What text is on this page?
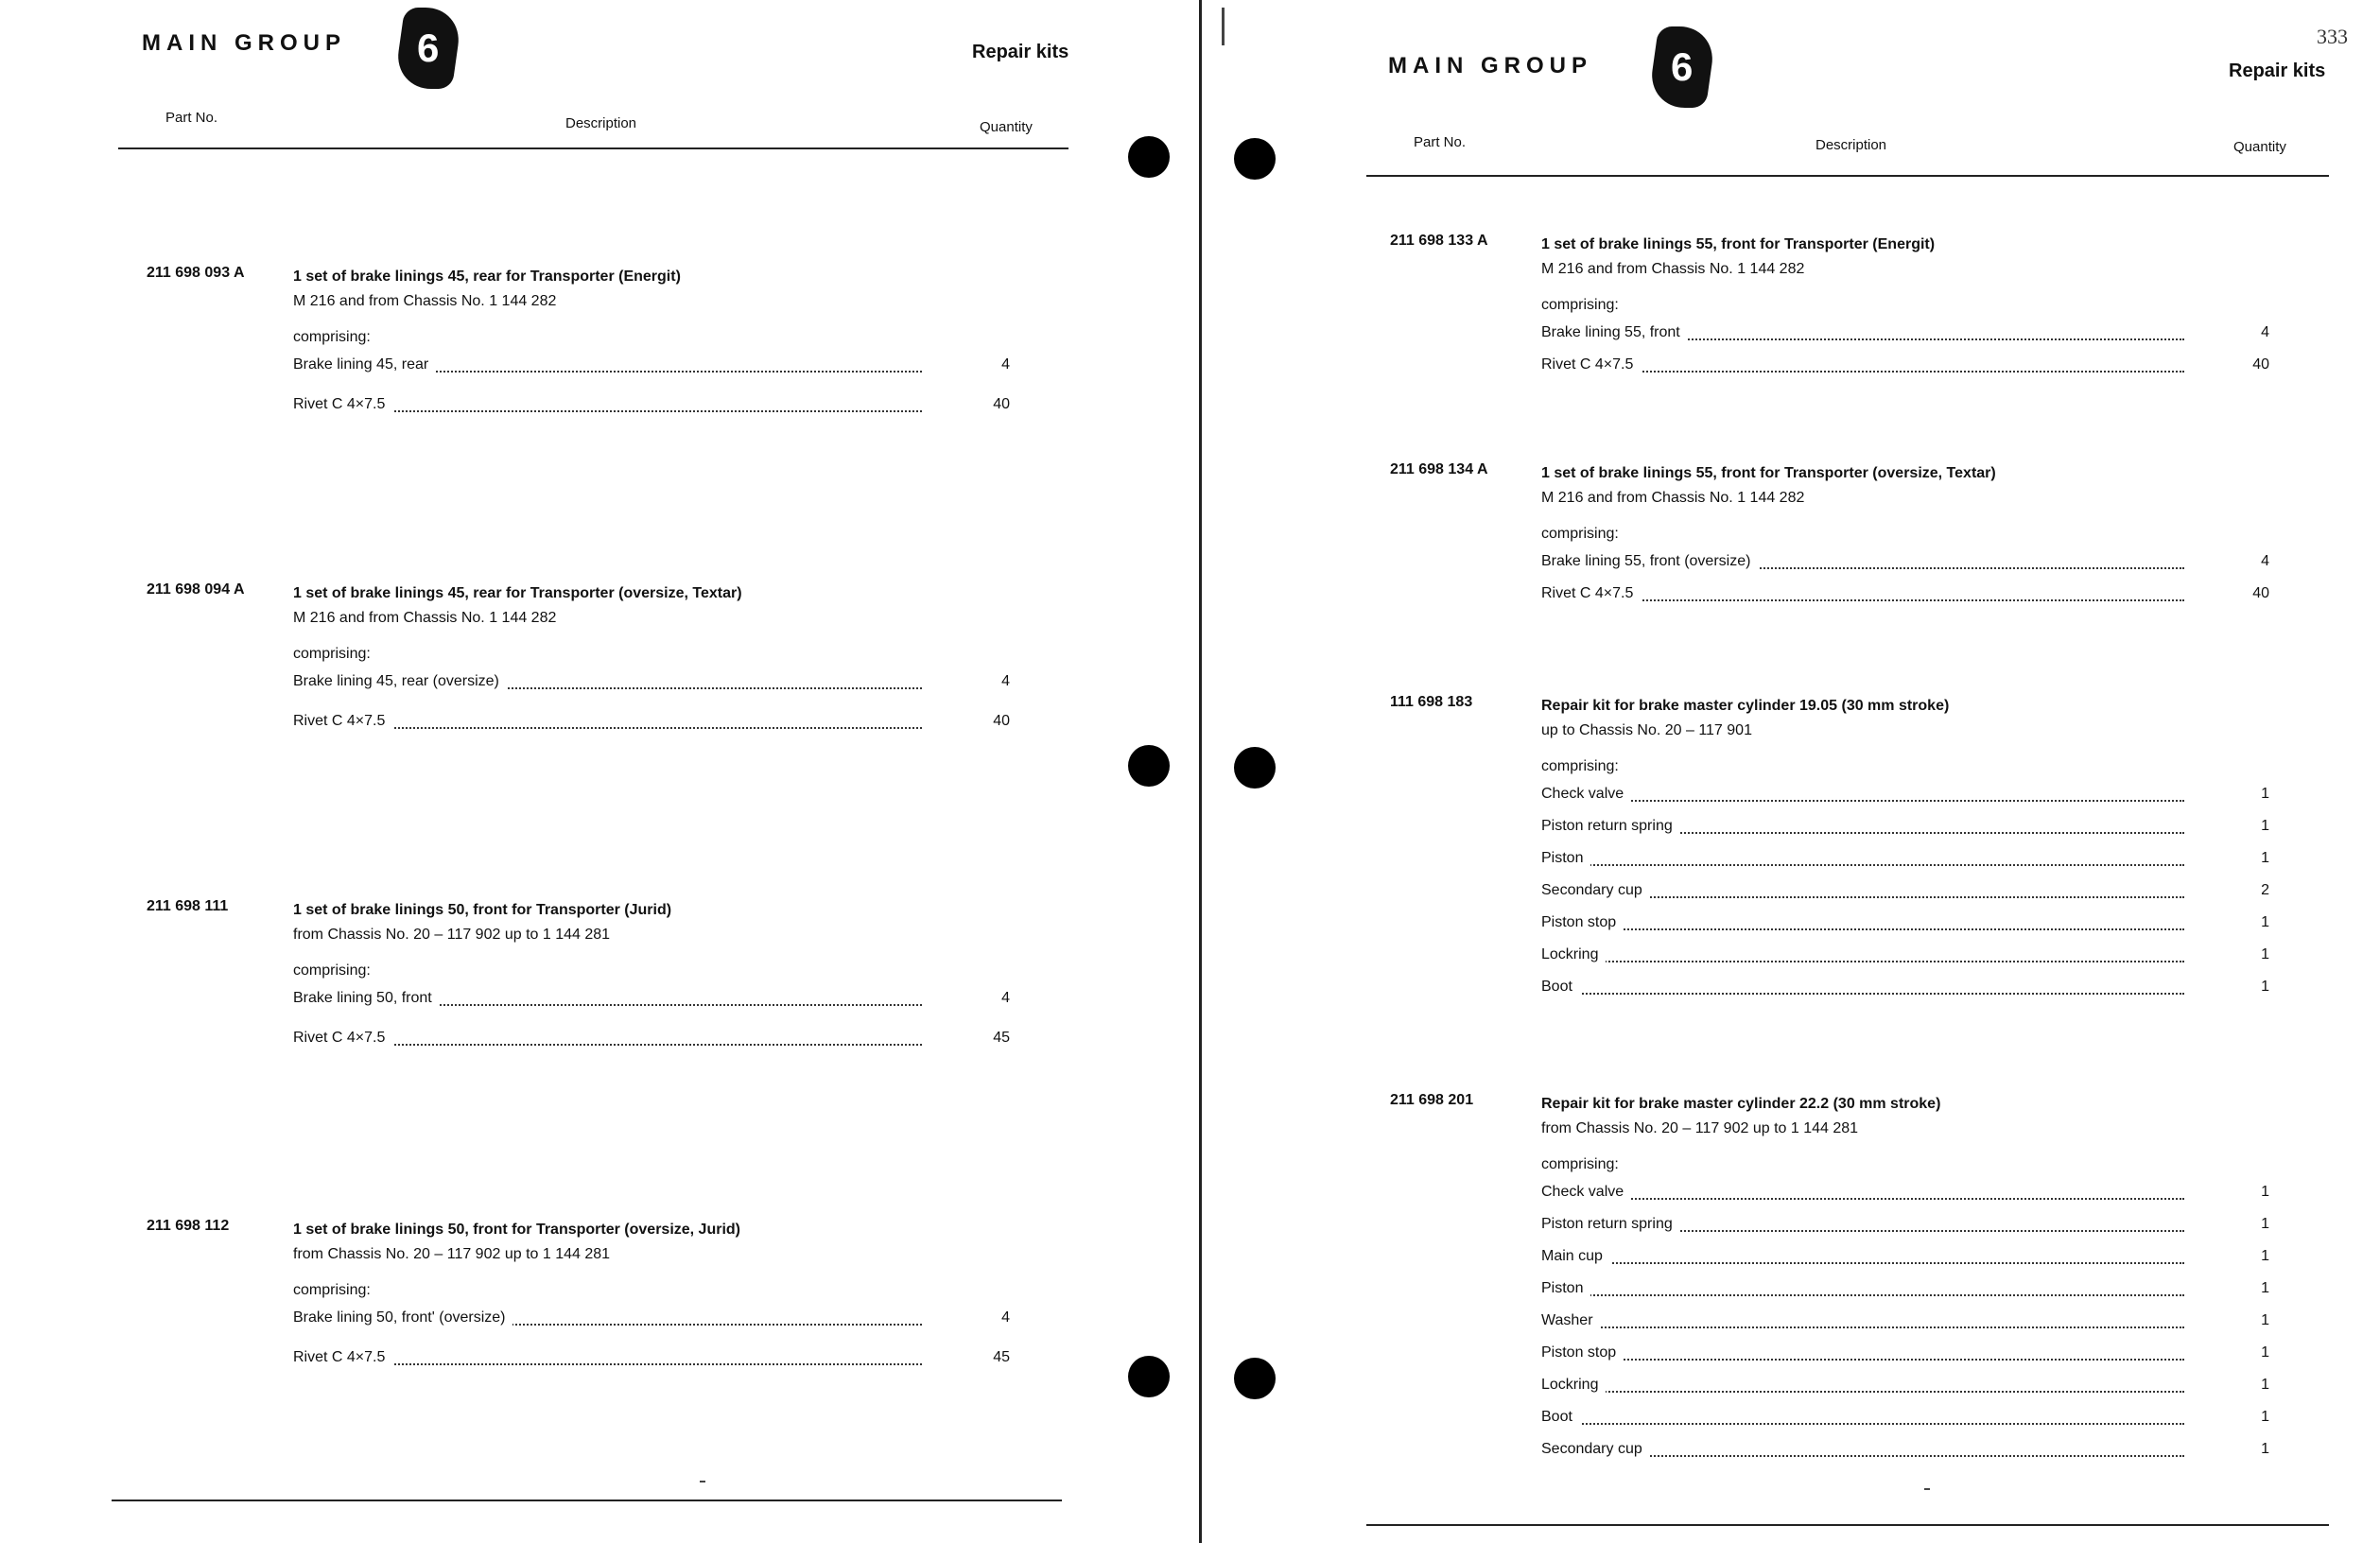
MAIN GROUP 6	Repair kits
Part No.	Description	Quantity
211 698 093 A	1 set of brake linings 45, rear for Transporter (Energit)
M 216 and from Chassis No. 1 144 282
comprising:
Brake lining 45, rear	4
Rivet C 4×7.5	40
211 698 094 A	1 set of brake linings 45, rear for Transporter (oversize, Textar)
M 216 and from Chassis No. 1 144 282
comprising:
Brake lining 45, rear (oversize)	4
Rivet C 4×7.5	40
211 698 111	1 set of brake linings 50, front for Transporter (Jurid)
from Chassis No. 20 – 117 902 up to 1 144 281
comprising:
Brake lining 50, front	4
Rivet C 4×7.5	45
211 698 112	1 set of brake linings 50, front for Transporter (oversize, Jurid)
from Chassis No. 20 – 117 902 up to 1 144 281
comprising:
Brake lining 50, front' (oversize)	4
Rivet C 4×7.5	45
333
MAIN GROUP 6	Repair kits
Part No.	Description	Quantity
211 698 133 A	1 set of brake linings 55, front for Transporter (Energit)
M 216 and from Chassis No. 1 144 282
comprising:
Brake lining 55, front	4
Rivet C 4×7.5	40
211 698 134 A	1 set of brake linings 55, front for Transporter (oversize, Textar)
M 216 and from Chassis No. 1 144 282
comprising:
Brake lining 55, front (oversize)	4
Rivet C 4×7.5	40
111 698 183	Repair kit for brake master cylinder 19.05 (30 mm stroke)
up to Chassis No. 20 – 117 901
comprising:
Check valve	1
Piston return spring	1
Piston	1
Secondary cup	2
Piston stop	1
Lockring	1
Boot	1
211 698 201	Repair kit for brake master cylinder 22.2 (30 mm stroke)
from Chassis No. 20 – 117 902 up to 1 144 281
comprising:
Check valve	1
Piston return spring	1
Main cup	1
Piston	1
Washer	1
Piston stop	1
Lockring	1
Boot	1
Secondary cup	1
